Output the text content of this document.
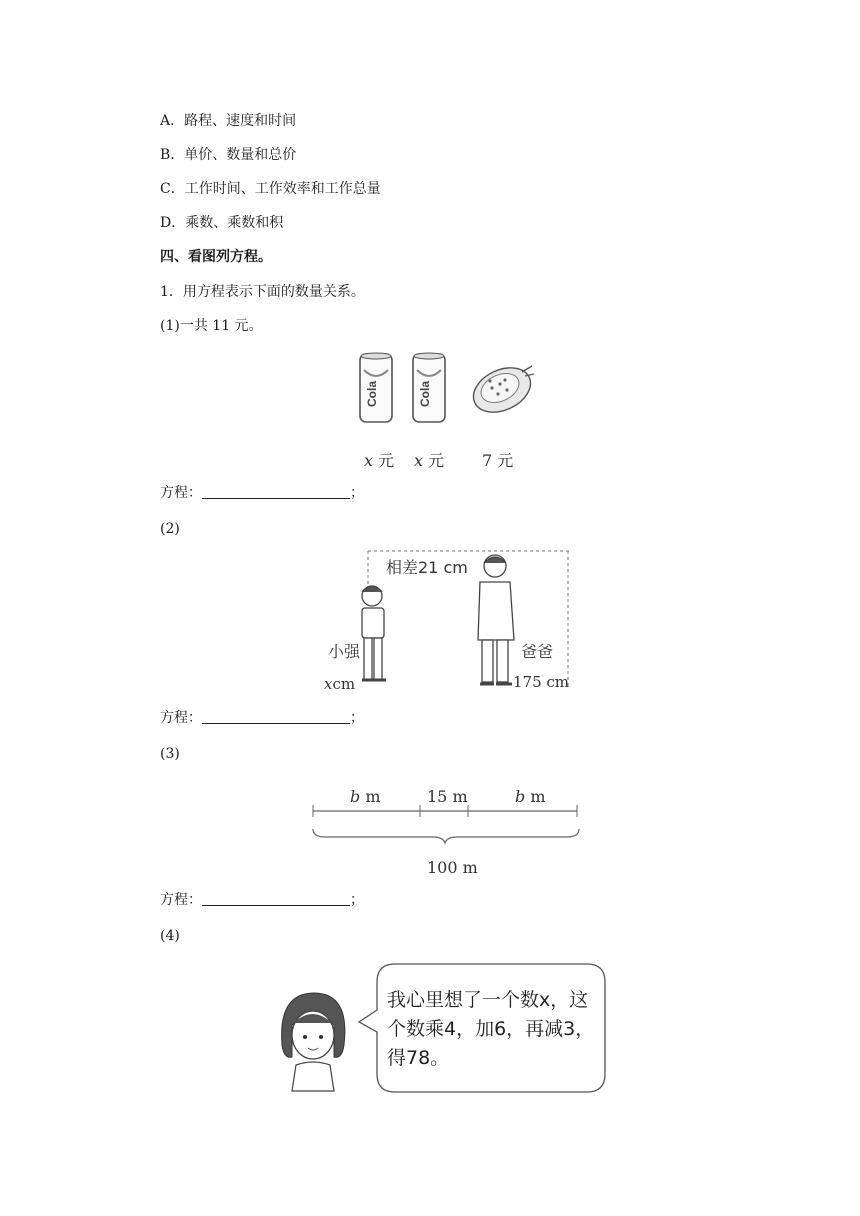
A．路程、速度和时间
B．单价、数量和总价
C．工作时间、工作效率和工作总量
D．乘数、乘数和积
四、看图列方程。
1．用方程表示下面的数量关系。
(1)一共 11 元。
Cola	Cola
x 元 x 元 7 元
方程：	；
(2)
相差21 cm
小强
xcm
爸爸
175 cm
方程：	；
(3)
b m	15 m	b m
100 m
方程：	；
(4)
我心里想了一个数x，这
个数乘4，加6，再减3，
得78。
